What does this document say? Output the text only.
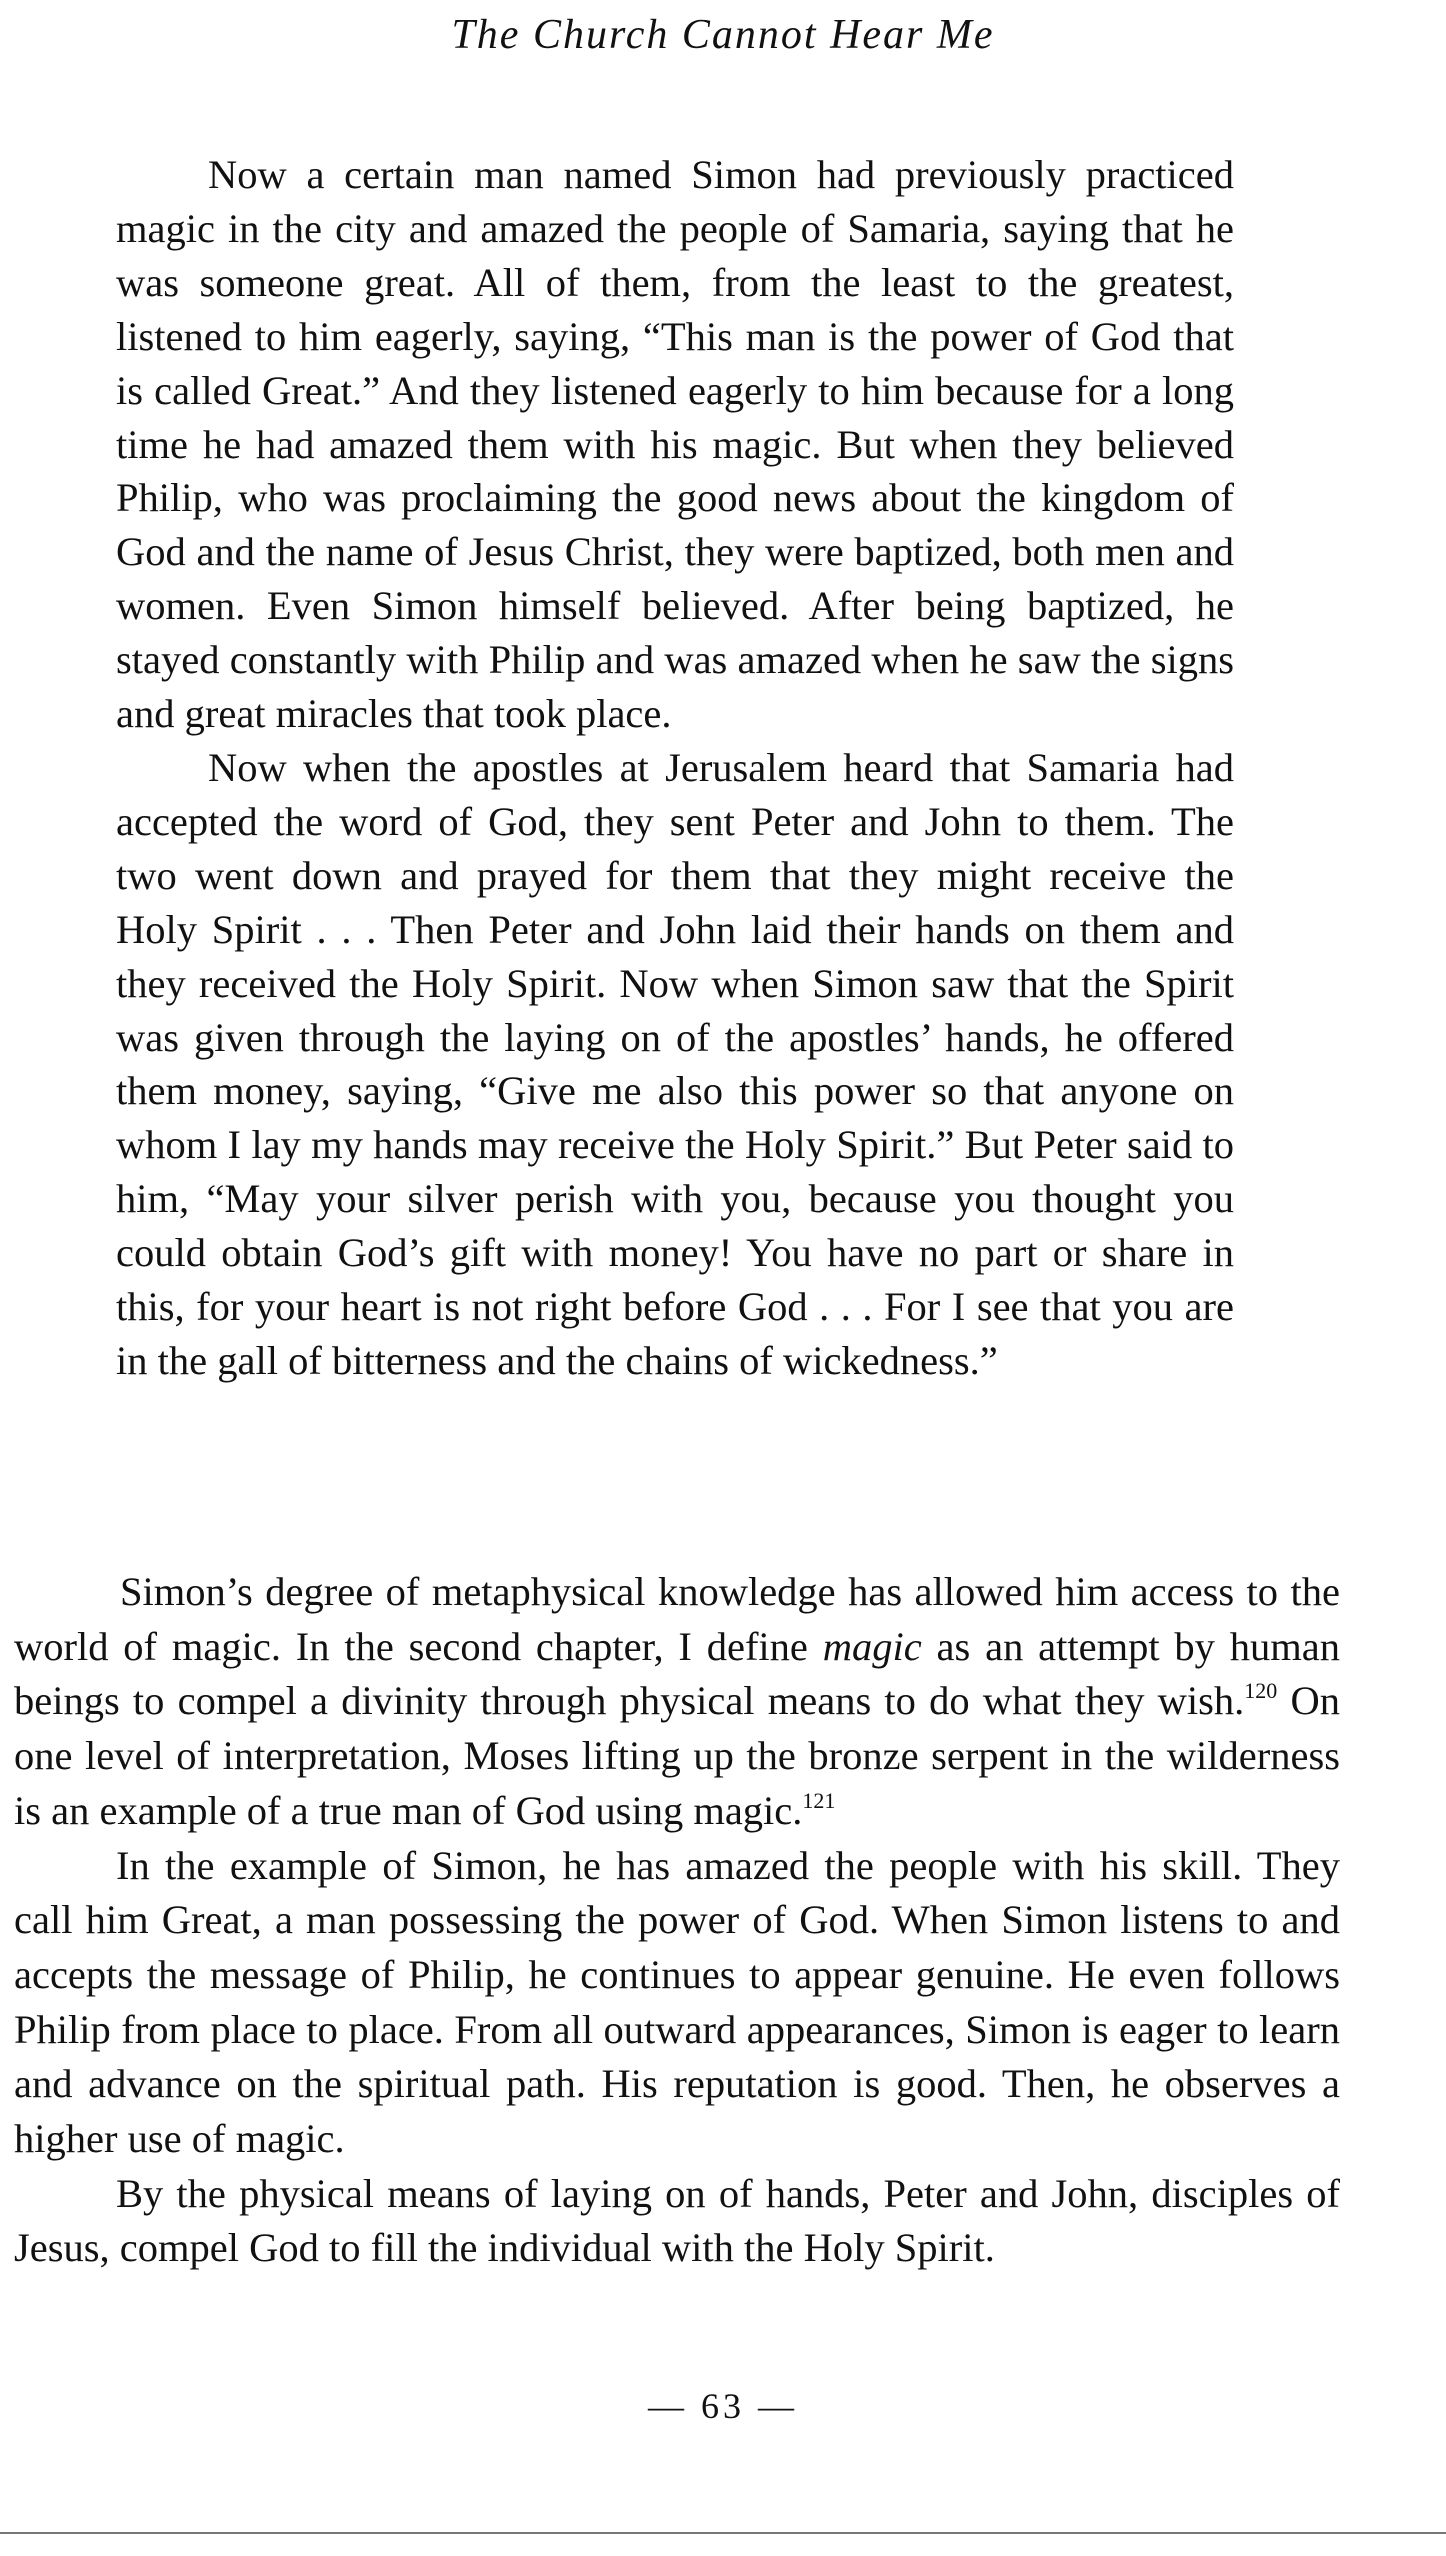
The Church Cannot Hear Me

Now a certain man named Simon had previously practiced magic in the city and amazed the people of Samaria, saying that he was someone great. All of them, from the least to the greatest, listened to him eagerly, saying, “This man is the power of God that is called Great.” And they listened eagerly to him because for a long time he had amazed them with his magic. But when they believed Philip, who was proclaiming the good news about the kingdom of God and the name of Jesus Christ, they were baptized, both men and women. Even Simon himself believed. After being baptized, he stayed constantly with Philip and was amazed when he saw the signs and great miracles that took place.

Now when the apostles at Jerusalem heard that Samaria had accepted the word of God, they sent Peter and John to them. The two went down and prayed for them that they might receive the Holy Spirit . . . Then Peter and John laid their hands on them and they received the Holy Spirit. Now when Simon saw that the Spirit was given through the laying on of the apostles’ hands, he offered them money, saying, “Give me also this power so that anyone on whom I lay my hands may receive the Holy Spirit.” But Peter said to him, “May your silver perish with you, because you thought you could obtain God’s gift with money! You have no part or share in this, for your heart is not right before God . . . For I see that you are in the gall of bitterness and the chains of wickedness.”

Simon’s degree of metaphysical knowledge has allowed him access to the world of magic. In the second chapter, I define magic as an attempt by human beings to compel a divinity through physical means to do what they wish.$^{120}$ On one level of interpretation, Moses lifting up the bronze serpent in the wilderness is an example of a true man of God using magic.$^{121}$

In the example of Simon, he has amazed the people with his skill. They call him Great, a man possessing the power of God. When Simon listens to and accepts the message of Philip, he continues to appear genuine. He even follows Philip from place to place. From all outward appearances, Simon is eager to learn and advance on the spiritual path. His reputation is good. Then, he observes a higher use of magic.

By the physical means of laying on of hands, Peter and John, disciples of Jesus, compel God to fill the individual with the Holy Spirit.

— 63 —
